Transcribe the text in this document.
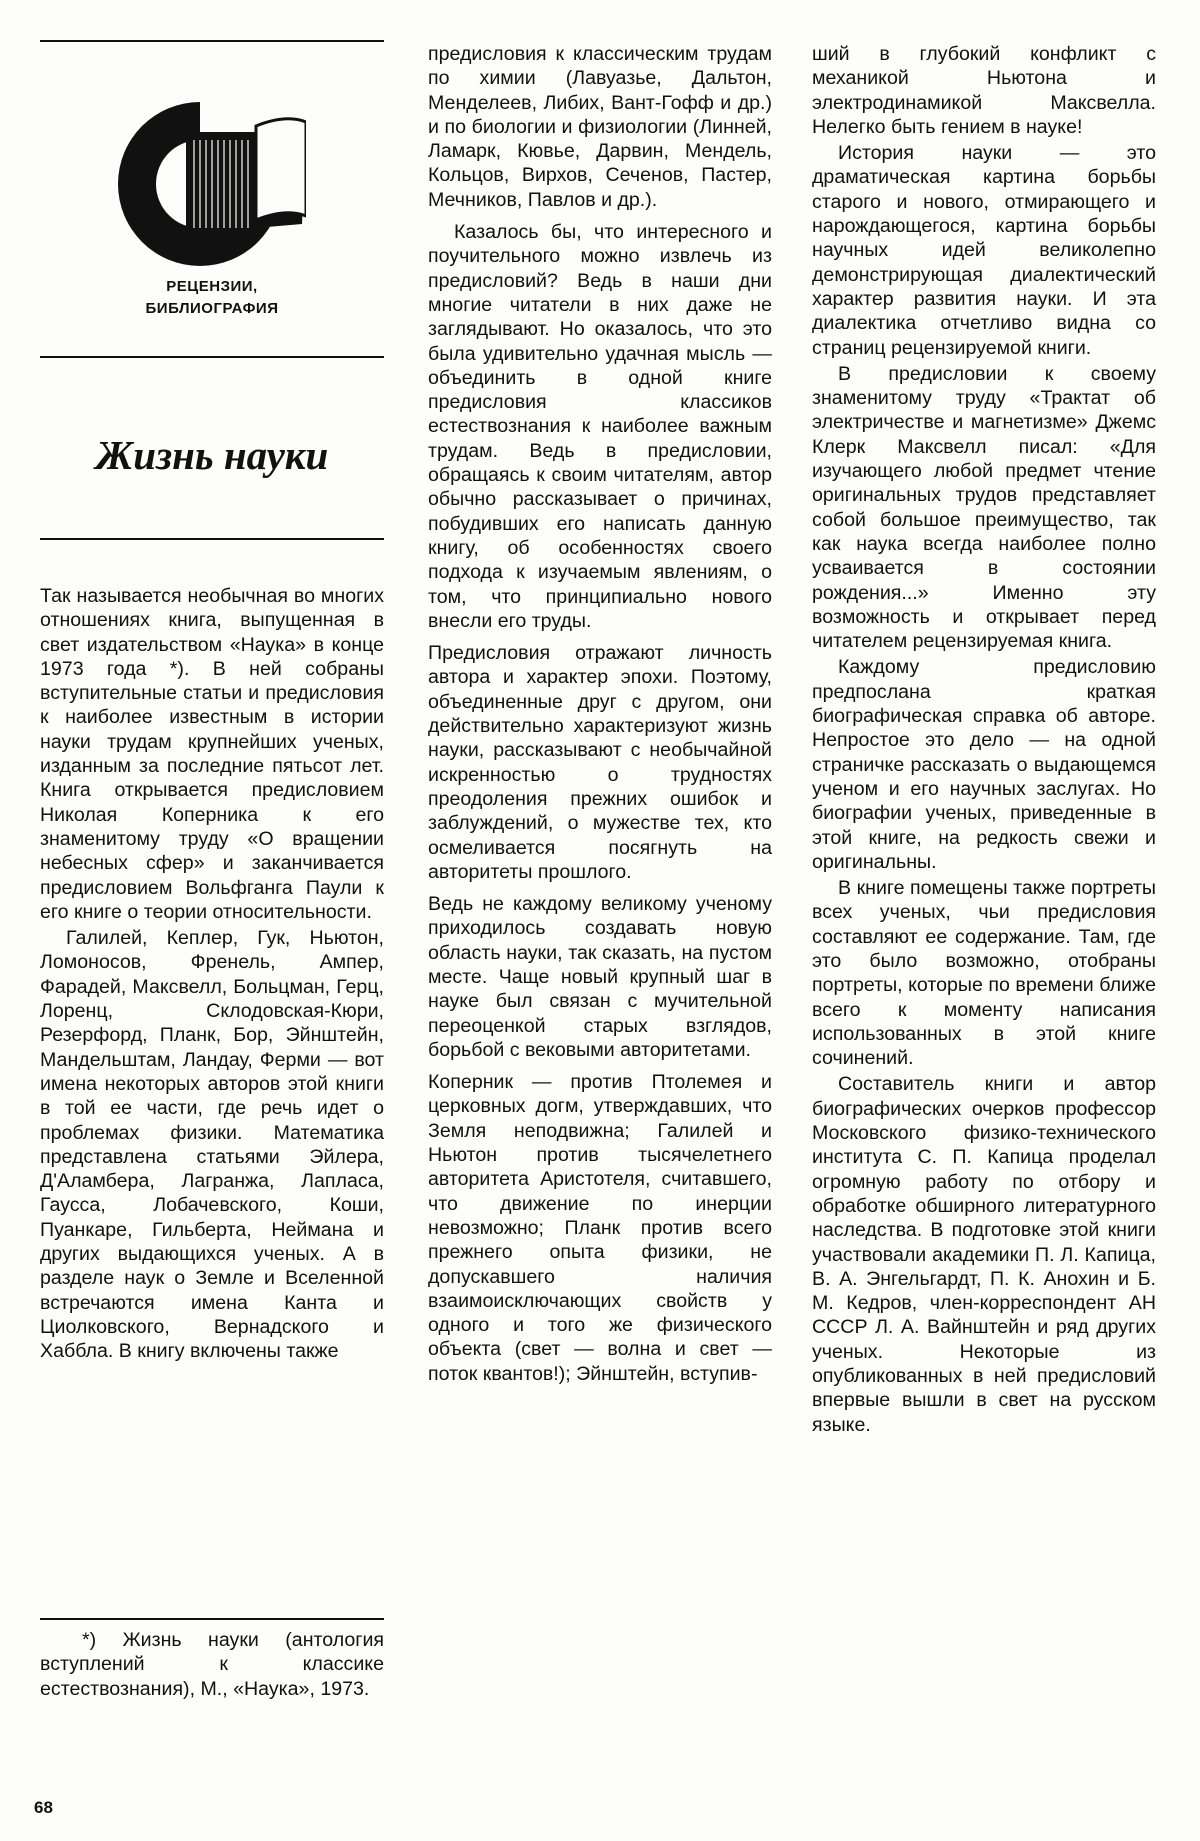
РЕЦЕНЗИИ,
БИБЛИОГРАФИЯ
Жизнь науки

Так называется необычная во многих отношениях книга, выпущенная в свет издательством «Наука» в конце 1973 года *). В ней собраны вступительные статьи и предисловия к наиболее известным в истории науки трудам крупнейших ученых, изданным за последние пятьсот лет. Книга открывается предисловием Николая Коперника к его знаменитому труду «О вращении небесных сфер» и заканчивается предисловием Вольфганга Паули к его книге о теории относительности.

Галилей, Кеплер, Гук, Ньютон, Ломоносов, Френель, Ампер, Фарадей, Максвелл, Больцман, Герц, Лоренц, Склодовская-Кюри, Резерфорд, Планк, Бор, Эйнштейн, Мандельштам, Ландау, Ферми — вот имена некоторых авторов этой книги в той ее части, где речь идет о проблемах физики. Математика представлена статьями Эйлера, Д'Аламбера, Лагранжа, Лапласа, Гаусса, Лобачевского, Коши, Пуанкаре, Гильберта, Неймана и других выдающихся ученых. А в разделе наук о Земле и Вселенной встречаются имена Канта и Циолковского, Вернадского и Хаббла. В книгу включены также

*) Жизнь науки (антология вступлений к классике естествознания), М., «Наука», 1973.

предисловия к классическим трудам по химии (Лавуазье, Дальтон, Менделеев, Либих, Вант-Гофф и др.) и по биологии и физиологии (Линней, Ламарк, Кювье, Дарвин, Мендель, Кольцов, Вирхов, Сеченов, Пастер, Мечников, Павлов и др.).

Казалось бы, что интересного и поучительного можно извлечь из предисловий? Ведь в наши дни многие читатели в них даже не заглядывают. Но оказалось, что это была удивительно удачная мысль — объединить в одной книге предисловия классиков естествознания к наиболее важным трудам. Ведь в предисловии, обращаясь к своим читателям, автор обычно рассказывает о причинах, побудивших его написать данную книгу, об особенностях своего подхода к изучаемым явлениям, о том, что принципиально нового внесли его труды.

Предисловия отражают личность автора и характер эпохи. Поэтому, объединенные друг с другом, они действительно характеризуют жизнь науки, рассказывают с необычайной искренностью о трудностях преодоления прежних ошибок и заблуждений, о мужестве тех, кто осмеливается посягнуть на авторитеты прошлого.

Ведь не каждому великому ученому приходилось создавать новую область науки, так сказать, на пустом месте. Чаще новый крупный шаг в науке был связан с мучительной переоценкой старых взглядов, борьбой с вековыми авторитетами.

Коперник — против Птолемея и церковных догм, утверждавших, что Земля неподвижна; Галилей и Ньютон против тысячелетнего авторитета Аристотеля, считавшего, что движение по инерции невозможно; Планк против всего прежнего опыта физики, не допускавшего наличия взаимоисключающих свойств у одного и того же физического объекта (свет — волна и свет — поток квантов!); Эйнштейн, вступив-

ший в глубокий конфликт с механикой Ньютона и электродинамикой Максвелла. Нелегко быть гением в науке!

История науки — это драматическая картина борьбы старого и нового, отмирающего и нарождающегося, картина борьбы научных идей великолепно демонстрирующая диалектический характер развития науки. И эта диалектика отчетливо видна со страниц рецензируемой книги.

В предисловии к своему знаменитому труду «Трактат об электричестве и магнетизме» Джемс Клерк Максвелл писал: «Для изучающего любой предмет чтение оригинальных трудов представляет собой большое преимущество, так как наука всегда наиболее полно усваивается в состоянии рождения...» Именно эту возможность и открывает перед читателем рецензируемая книга.

Каждому предисловию предпослана краткая биографическая справка об авторе. Непростое это дело — на одной страничке рассказать о выдающемся ученом и его научных заслугах. Но биографии ученых, приведенные в этой книге, на редкость свежи и оригинальны.

В книге помещены также портреты всех ученых, чьи предисловия составляют ее содержание. Там, где это было возможно, отобраны портреты, которые по времени ближе всего к моменту написания использованных в этой книге сочинений.

Составитель книги и автор биографических очерков профессор Московского физико-технического института С. П. Капица проделал огромную работу по отбору и обработке обширного литературного наследства. В подготовке этой книги участвовали академики П. Л. Капица, В. А. Энгельгардт, П. К. Анохин и Б. М. Кедров, член-корреспондент АН СССР Л. А. Вайнштейн и ряд других ученых. Некоторые из опубликованных в ней предисловий впервые вышли в свет на русском языке.

68
